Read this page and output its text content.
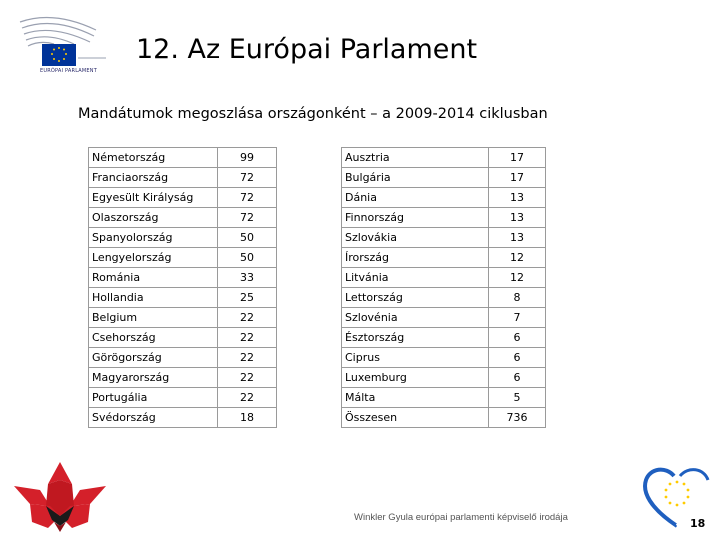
EURÓPAI PARLAMENT
12. Az Európai Parlament
Mandátumok megoszlása országonként – a 2009-2014 ciklusban
Németország	99
Franciaország	72
Egyesült Királyság	72
Olaszország	72
Spanyolország	50
Lengyelország	50
Románia	33
Hollandia	25
Belgium	22
Csehország	22
Görögország	22
Magyarország	22
Portugália	22
Svédország	18
Ausztria	17
Bulgária	17
Dánia	13
Finnország	13
Szlovákia	13
Írország	12
Litvánia	12
Lettország	8
Szlovénia	7
Észtország	6
Ciprus	6
Luxemburg	6
Málta	5
Összesen	736
Winkler Gyula európai parlamenti képviselő irodája	18
